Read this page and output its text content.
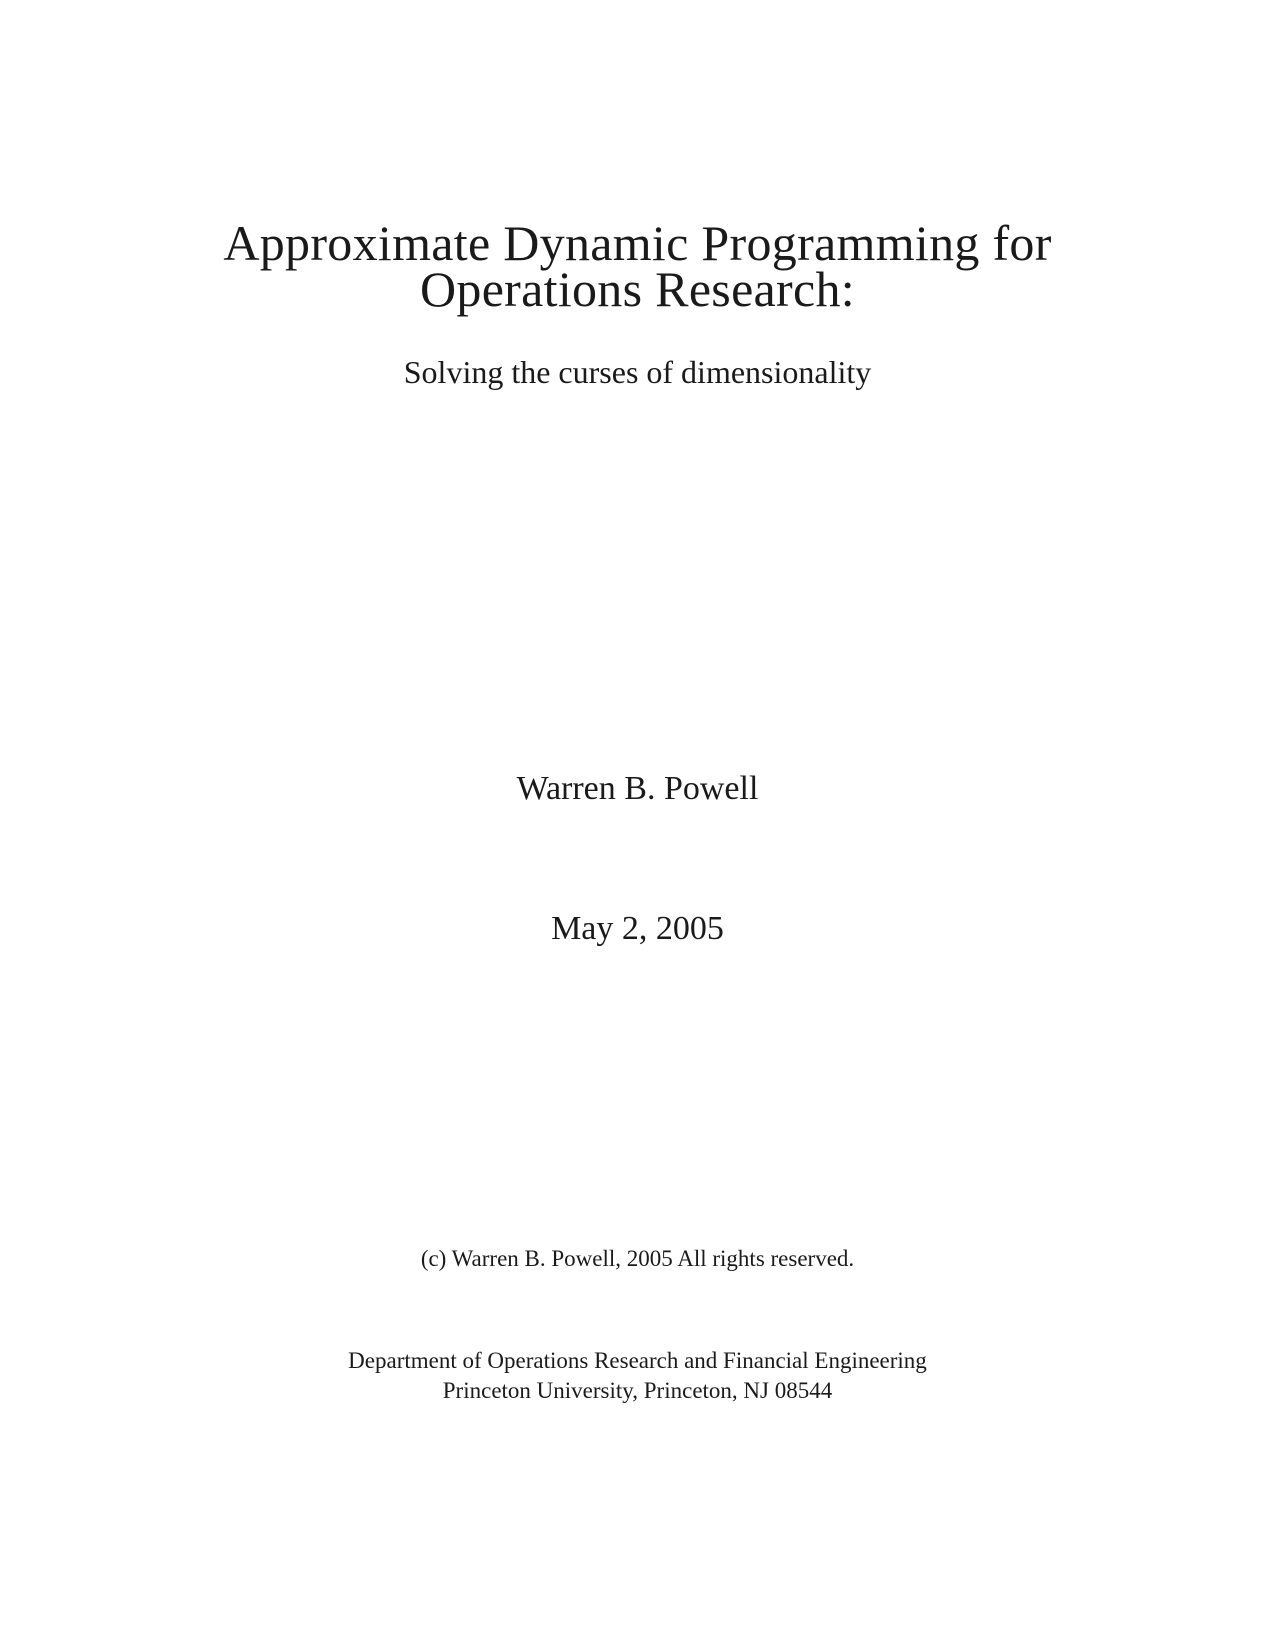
Approximate Dynamic Programming for
Operations Research:
Solving the curses of dimensionality
Warren B. Powell
May 2, 2005
(c) Warren B. Powell, 2005 All rights reserved.
Department of Operations Research and Financial Engineering
Princeton University, Princeton, NJ 08544
